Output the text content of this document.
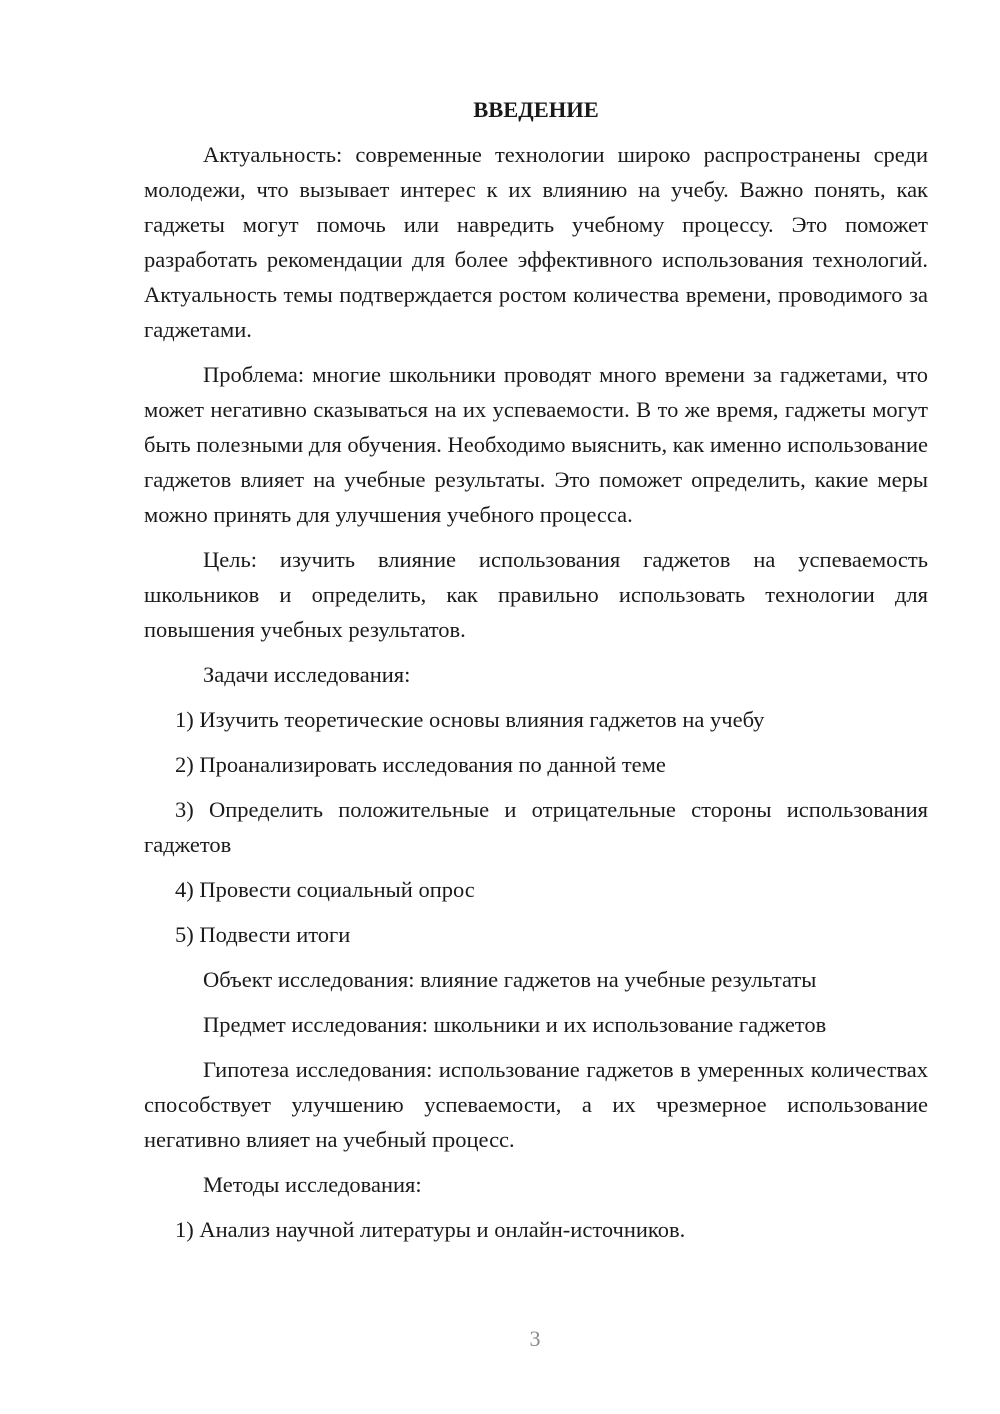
ВВЕДЕНИЕ
Актуальность: современные технологии широко распространены среди молодежи, что вызывает интерес к их влиянию на учебу. Важно понять, как гаджеты могут помочь или навредить учебному процессу. Это поможет разработать рекомендации для более эффективного использования технологий. Актуальность темы подтверждается ростом количества времени, проводимого за гаджетами.
Проблема: многие школьники проводят много времени за гаджетами, что может негативно сказываться на их успеваемости. В то же время, гаджеты могут быть полезными для обучения. Необходимо выяснить, как именно использование гаджетов влияет на учебные результаты. Это поможет определить, какие меры можно принять для улучшения учебного процесса.
Цель: изучить влияние использования гаджетов на успеваемость школьников и определить, как правильно использовать технологии для повышения учебных результатов.
Задачи исследования:
1) Изучить теоретические основы влияния гаджетов на учебу
2) Проанализировать исследования по данной теме
3) Определить положительные и отрицательные стороны использования гаджетов
4) Провести социальный опрос
5) Подвести итоги
Объект исследования: влияние гаджетов на учебные результаты
Предмет исследования: школьники и их использование гаджетов
Гипотеза исследования: использование гаджетов в умеренных количествах способствует улучшению успеваемости, а их чрезмерное использование негативно влияет на учебный процесс.
Методы исследования:
1) Анализ научной литературы и онлайн-источников.
3
